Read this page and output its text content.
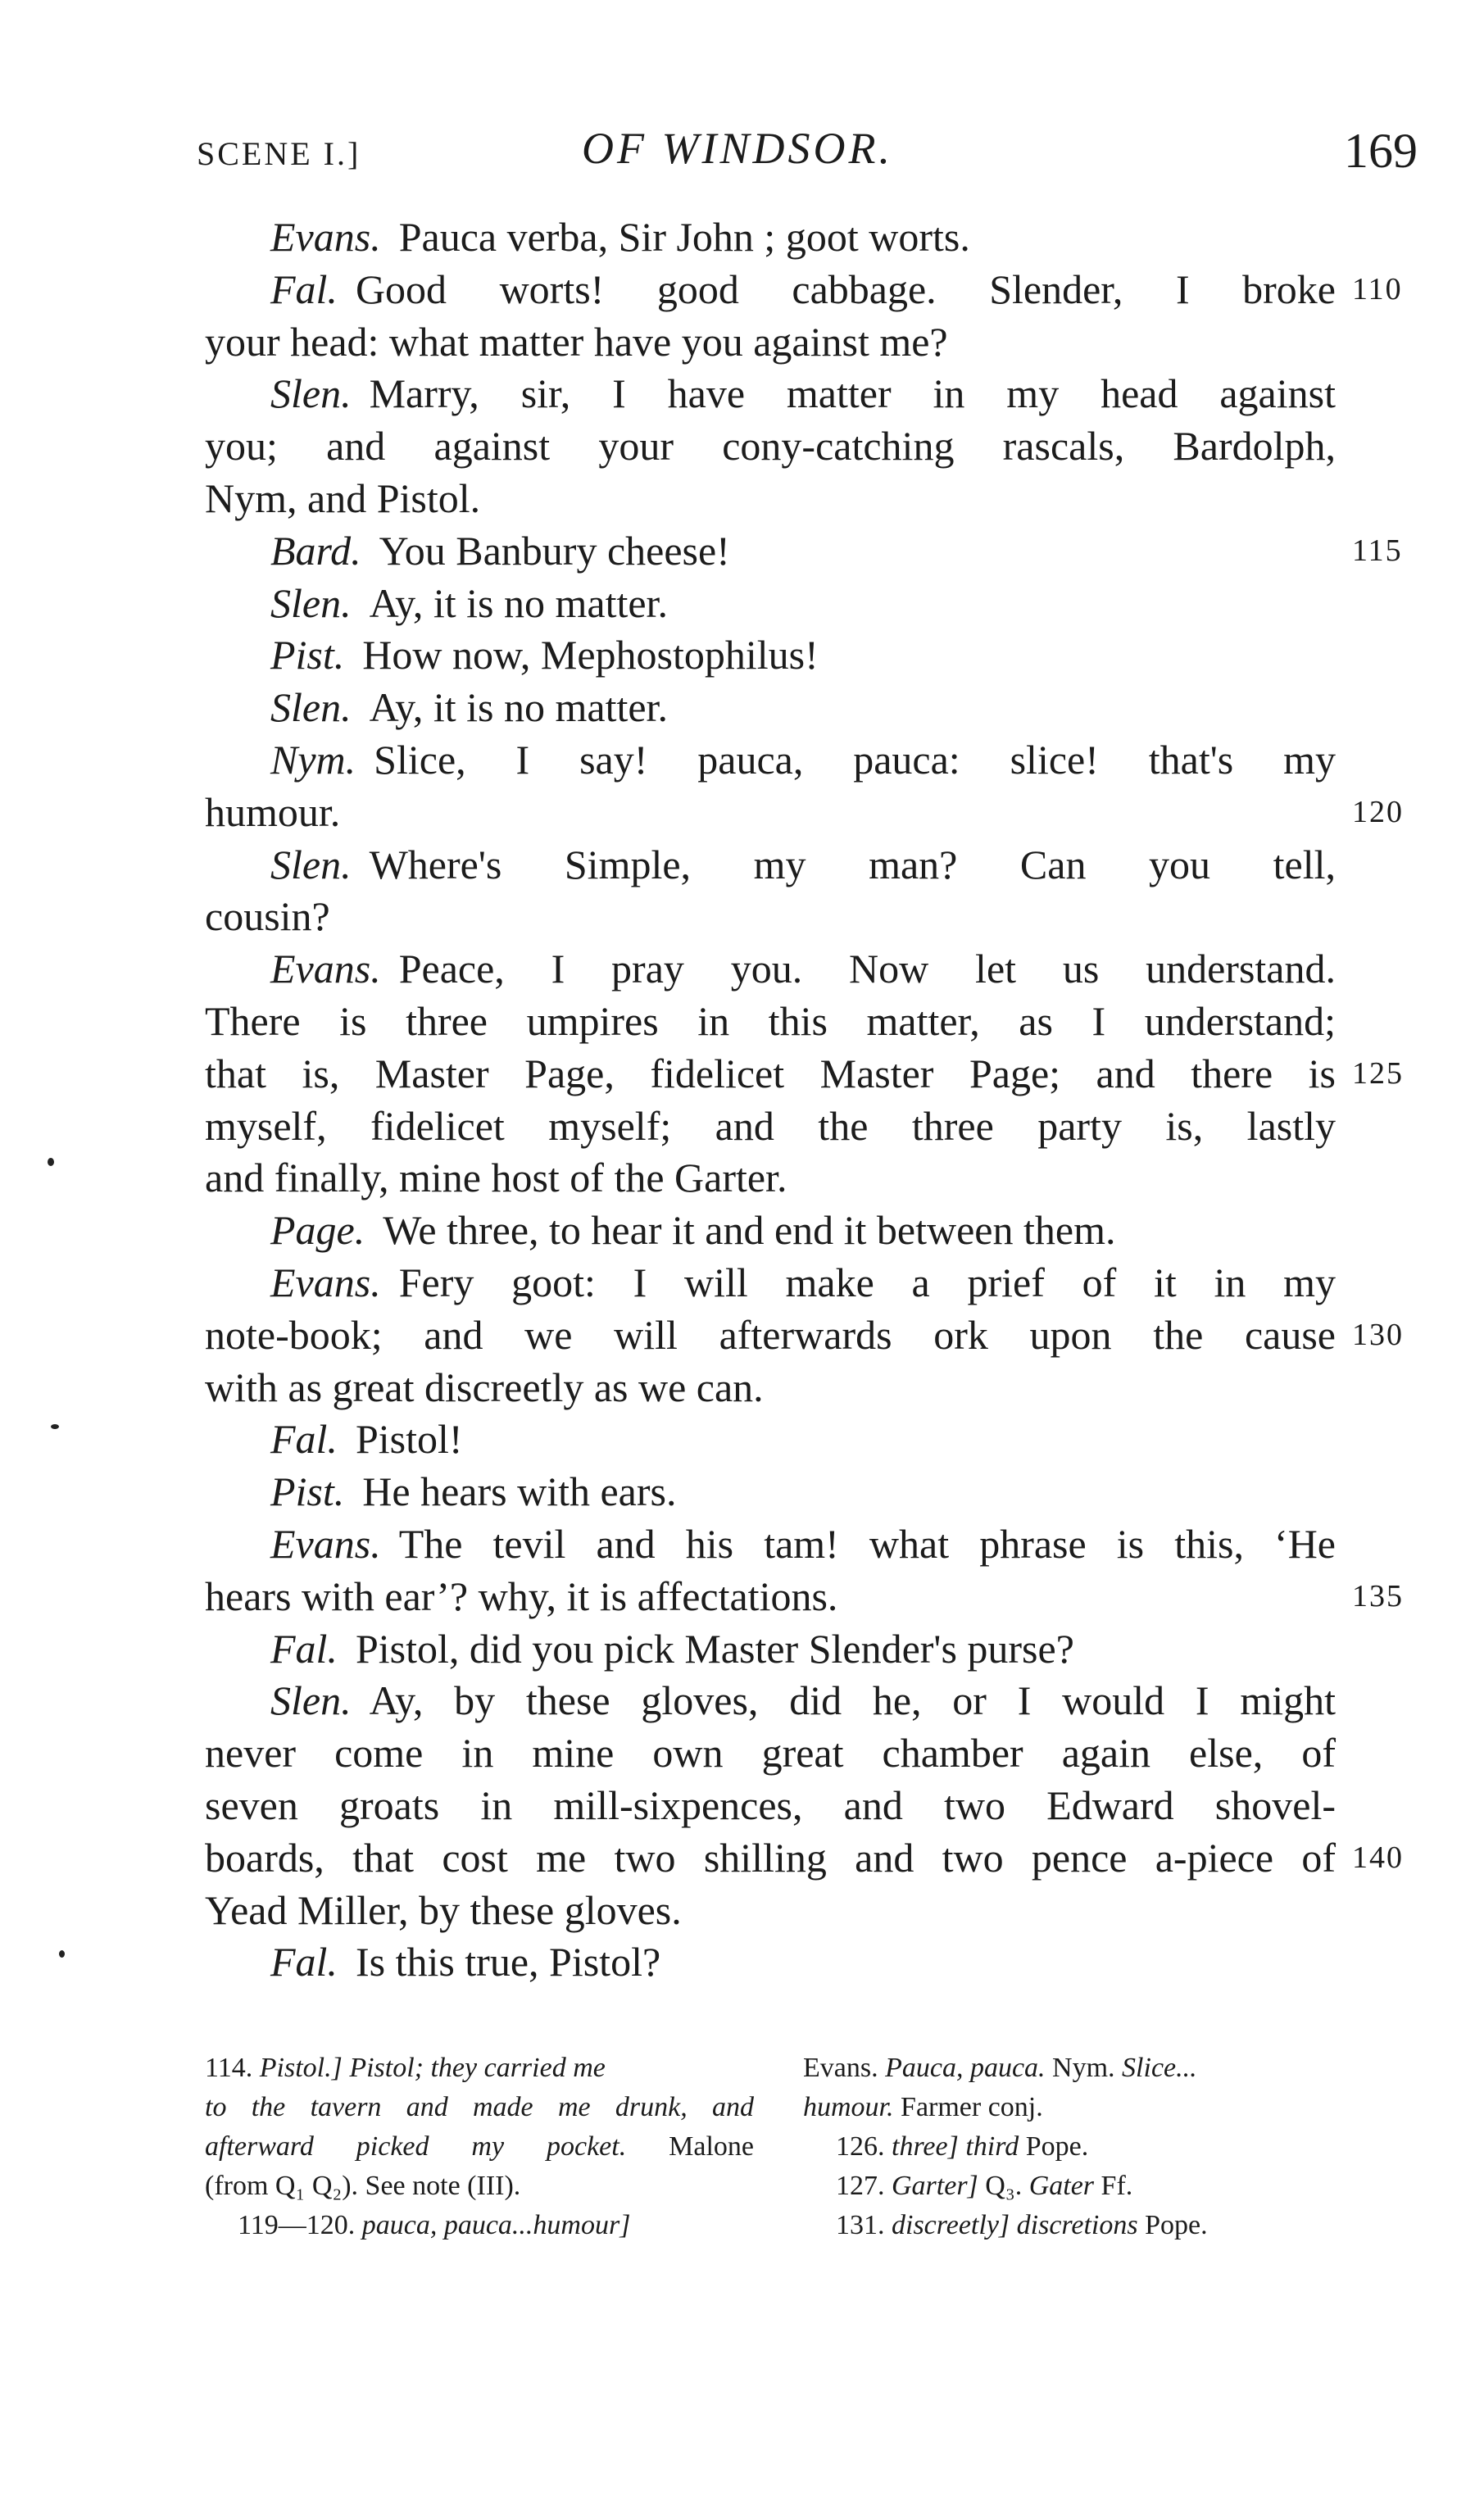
SCENE I.]	OF WINDSOR.	169
Evans. Pauca verba, Sir John ; goot worts.
Fal. Good worts! good cabbage. Slender, I broke 110
your head: what matter have you against me?
Slen. Marry, sir, I have matter in my head against
you; and against your cony-catching rascals, Bardolph,
Nym, and Pistol.
Bard. You Banbury cheese!	115
Slen. Ay, it is no matter.
Pist. How now, Mephostophilus!
Slen. Ay, it is no matter.
Nym. Slice, I say! pauca, pauca: slice! that's my
humour.	120
Slen. Where's Simple, my man? Can you tell,
cousin?
Evans. Peace, I pray you. Now let us understand.
There is three umpires in this matter, as I understand;
that is, Master Page, fidelicet Master Page; and there is 125
myself, fidelicet myself; and the three party is, lastly
and finally, mine host of the Garter.
Page. We three, to hear it and end it between them.
Evans. Fery goot: I will make a prief of it in my
note-book; and we will afterwards ork upon the cause 130
with as great discreetly as we can.
Fal. Pistol!
Pist. He hears with ears.
Evans. The tevil and his tam! what phrase is this, ‘He
hears with ear’? why, it is affectations.	135
Fal. Pistol, did you pick Master Slender's purse?
Slen. Ay, by these gloves, did he, or I would I might
never come in mine own great chamber again else, of
seven groats in mill-sixpences, and two Edward shovel-
boards, that cost me two shilling and two pence a-piece of 140
Yead Miller, by these gloves.
Fal. Is this true, Pistol?
114. Pistol.] Pistol; they carried me
to the tavern and made me drunk, and
afterward picked my pocket. Malone
(from Q₁ Q₂). See note (III).
119—120. pauca, pauca...humour]
Evans. Pauca, pauca. Nym. Slice...
humour. Farmer conj.
126. three] third Pope.
127. Garter] Q₃. Gater Ff.
131. discreetly] discretions Pope.
